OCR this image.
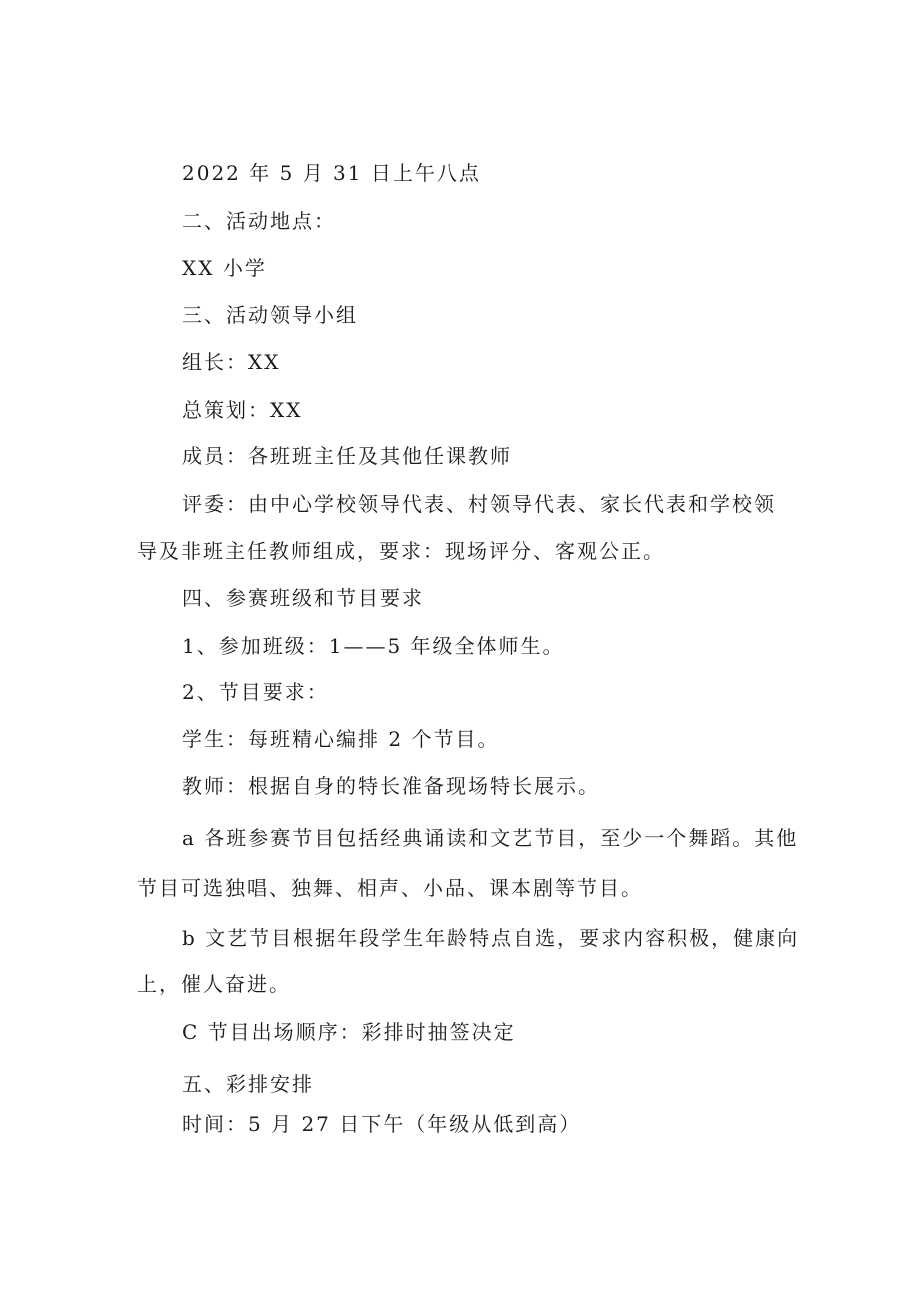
2022 年 5 月 31 日上午八点
二、活动地点：
XX 小学
三、活动领导小组
组长：XX
总策划：XX
成员：各班班主任及其他任课教师
评委：由中心学校领导代表、村领导代表、家长代表和学校领
导及非班主任教师组成，要求：现场评分、客观公正。
四、参赛班级和节目要求
1、参加班级：1——5 年级全体师生。
2、节目要求：
学生：每班精心编排 2 个节目。
教师：根据自身的特长准备现场特长展示。
a 各班参赛节目包括经典诵读和文艺节目，至少一个舞蹈。其他
节目可选独唱、独舞、相声、小品、课本剧等节目。
b 文艺节目根据年段学生年龄特点自选，要求内容积极，健康向
上，催人奋进。
C 节目出场顺序：彩排时抽签决定
五、彩排安排
时间：5 月 27 日下午（年级从低到高）
